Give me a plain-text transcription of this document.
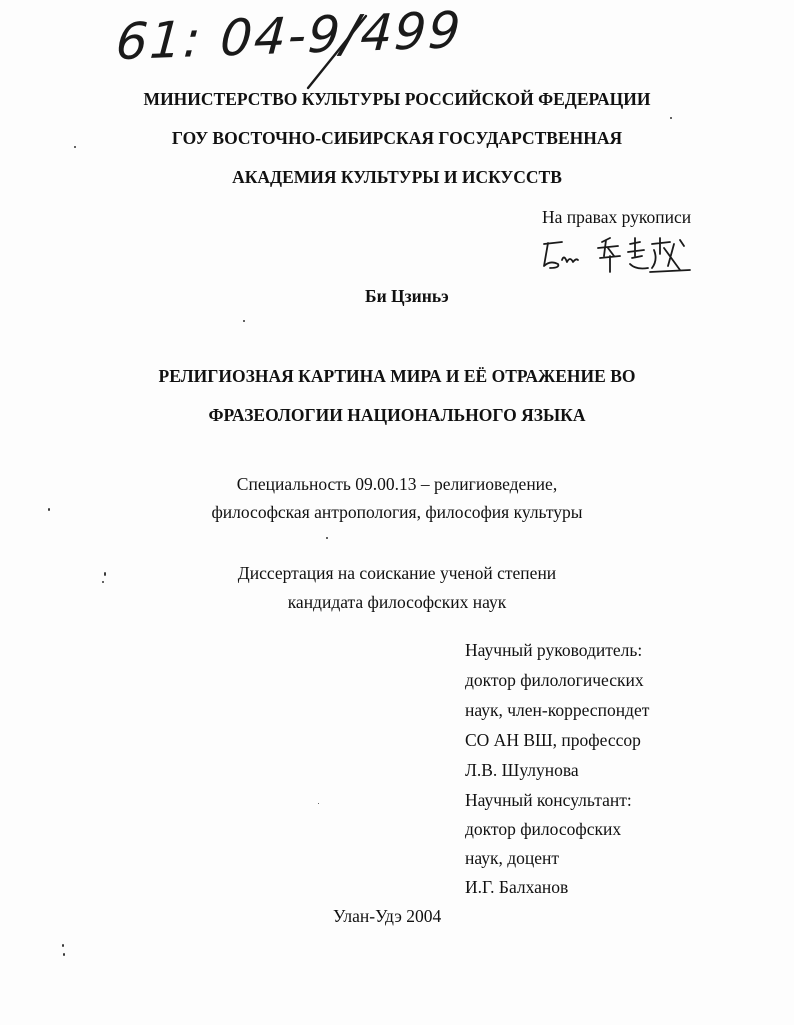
61: 04-9/499
МИНИСТЕРСТВО КУЛЬТУРЫ РОССИЙСКОЙ ФЕДЕРАЦИИ
ГОУ ВОСТОЧНО-СИБИРСКАЯ ГОСУДАРСТВЕННАЯ
АКАДЕМИЯ КУЛЬТУРЫ И ИСКУССТВ
На правах рукописи
Би Цзиньэ
РЕЛИГИОЗНАЯ КАРТИНА МИРА И ЕЁ ОТРАЖЕНИЕ ВО
ФРАЗЕОЛОГИИ НАЦИОНАЛЬНОГО ЯЗЫКА
Специальность 09.00.13 – религиоведение,
философская антропология, философия культуры
Диссертация на соискание ученой степени
кандидата философских наук
Научный руководитель:
доктор филологических
наук, член-корреспондет
СО АН ВШ, профессор
Л.В. Шулунова
Научный консультант:
доктор философских
наук, доцент
И.Г. Балханов
Улан-Удэ 2004
